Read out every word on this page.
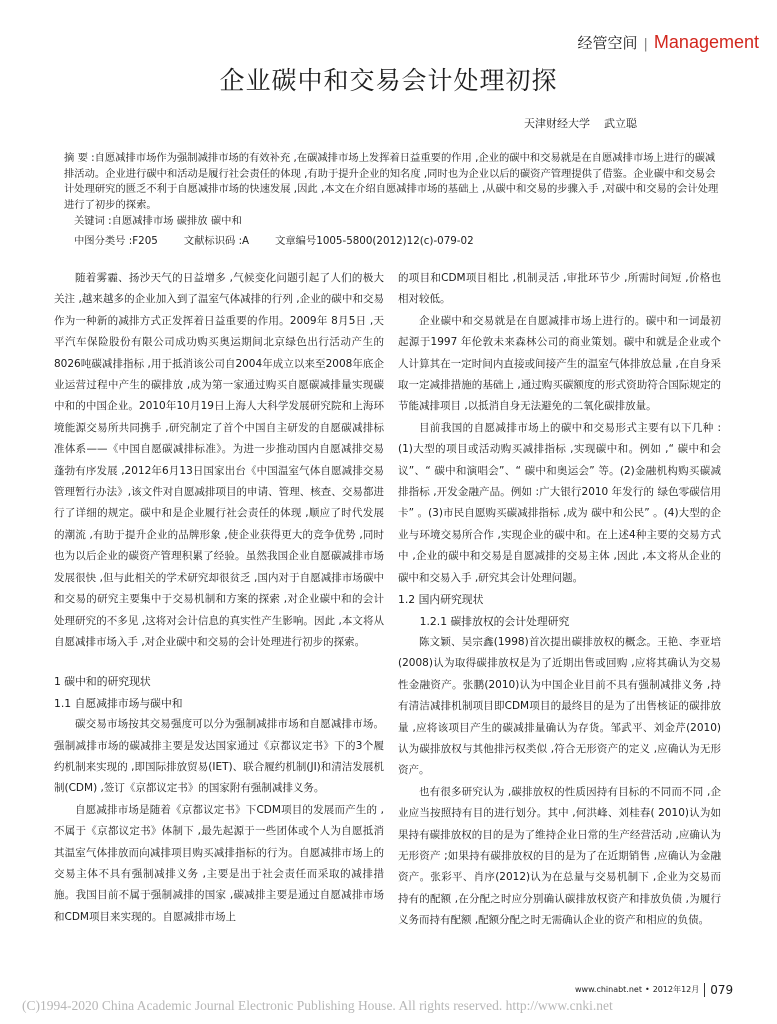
经管空间 | Management
企业碳中和交易会计处理初探
天津财经大学 武立聪

摘 要 :自愿减排市场作为强制减排市场的有效补充 ,在碳减排市场上发挥着日益重要的作用 ,企业的碳中和交易就是在自愿减排市场上进行的碳减排活动。企业进行碳中和活动是履行社会责任的体现 ,有助于提升企业的知名度 ,同时也为企业以后的碳资产管理提供了借鉴。企业碳中和交易会计处理研究的匮乏不利于自愿减排市场的快速发展 ,因此 ,本文在介绍自愿减排市场的基础上 ,从碳中和交易的步骤入手 ,对碳中和交易的会计处理进行了初步的探索。

关键词 :自愿减排市场 碳排放 碳中和
中图分类号 :F205	文献标识码 :A	文章编号1005-5800(2012)12(c)-079-02

随着雾霾、扬沙天气的日益增多 ,气候变化问题引起了人们的极大关注 ,越来越多的企业加入到了温室气体减排的行列 ,企业的碳中和交易作为一种新的减排方式正发挥着日益重要的作用。2009年 8月5日 ,天平汽车保险股份有限公司成功购买奥运期间北京绿色出行活动产生的8026吨碳减排指标 ,用于抵消该公司自2004年成立以来至2008年底企业运营过程中产生的碳排放 ,成为第一家通过购买自愿碳减排量实现碳中和的中国企业。2010年10月19日上海人大科学发展研究院和上海环境能源交易所共同携手 ,研究制定了首个中国自主研发的自愿碳减排标准体系——《中国自愿碳减排标准》。为进一步推动国内自愿减排交易蓬勃有序发展 ,2012年6月13日国家出台《中国温室气体自愿减排交易管理暂行办法》,该文件对自愿减排项目的申请、管理、核查、交易都进行了详细的规定。碳中和是企业履行社会责任的体现 ,顺应了时代发展的潮流 ,有助于提升企业的品牌形象 ,使企业获得更大的竞争优势 ,同时也为以后企业的碳资产管理积累了经验。虽然我国企业自愿碳减排市场发展很快 ,但与此相关的学术研究却很贫乏 ,国内对于自愿减排市场碳中和交易的研究主要集中于交易机制和方案的探索 ,对企业碳中和的会计处理研究的不多见 ,这将对会计信息的真实性产生影响。因此 ,本文将从自愿减排市场入手 ,对企业碳中和交易的会计处理进行初步的探索。

1 碳中和的研究现状
1.1 自愿减排市场与碳中和

碳交易市场按其交易强度可以分为强制减排市场和自愿减排市场。强制减排市场的碳减排主要是发达国家通过《京都议定书》下的3个履约机制来实现的 ,即国际排放贸易(IET)、联合履约机制(JI)和清洁发展机制(CDM) ,签订《京都议定书》的国家附有强制减排义务。

自愿减排市场是随着《京都议定书》下CDM项目的发展而产生的 ,不属于《京都议定书》体制下 ,最先起源于一些团体或个人为自愿抵消其温室气体排放而向减排项目购买减排指标的行为。自愿减排市场上的交易主体不具有强制减排义务 ,主要是出于社会责任而采取的减排措施。我国目前不属于强制减排的国家 ,碳减排主要是通过自愿减排市场和CDM项目来实现的。自愿减排市场上

的项目和CDM项目相比 ,机制灵活 ,审批环节少 ,所需时间短 ,价格也相对较低。

企业碳中和交易就是在自愿减排市场上进行的。碳中和一词最初起源于1997 年伦敦未来森林公司的商业策划。碳中和就是企业或个人计算其在一定时间内直接或间接产生的温室气体排放总量 ,在自身采取一定减排措施的基础上 ,通过购买碳额度的形式资助符合国际规定的节能减排项目 ,以抵消自身无法避免的二氧化碳排放量。

目前我国的自愿减排市场上的碳中和交易形式主要有以下几种 :(1)大型的项目或活动购买减排指标 ,实现碳中和。例如 ,“ 碳中和会议”、“ 碳中和演唱会”、“ 碳中和奥运会” 等。(2)金融机构购买碳减排指标 ,开发金融产品。例如 :广大银行2010 年发行的 绿色零碳信用卡” 。(3)市民自愿购买碳减排指标 ,成为 碳中和公民” 。(4)大型的企业与环境交易所合作 ,实现企业的碳中和。在上述4种主要的交易方式中 ,企业的碳中和交易是自愿减排的交易主体 ,因此 ,本文将从企业的碳中和交易入手 ,研究其会计处理问题。

1.2 国内研究现状
1.2.1 碳排放权的会计处理研究

陈文颖、吴宗鑫(1998)首次提出碳排放权的概念。王艳、李亚培(2008)认为取得碳排放权是为了近期出售或回购 ,应将其确认为交易性金融资产。张鹏(2010)认为中国企业目前不具有强制减排义务 ,持有清洁减排机制项目即CDM项目的最终目的是为了出售核证的碳排放量 ,应将该项目产生的碳减排量确认为存货。邹武平、刘金芹(2010)认为碳排放权与其他排污权类似 ,符合无形资产的定义 ,应确认为无形资产。

也有很多研究认为 ,碳排放权的性质因持有目标的不同而不同 ,企业应当按照持有目的进行划分。其中 ,何洪峰、刘桂春( 2010)认为如果持有碳排放权的目的是为了维持企业日常的生产经营活动 ,应确认为无形资产 ;如果持有碳排放权的目的是为了在近期销售 ,应确认为金融资产。张彩平、肖序(2012)认为在总量与交易机制下 ,企业为交易而持有的配额 ,在分配之时应分别确认碳排放权资产和排放负债 ,为履行义务而持有配额 ,配额分配之时无需确认企业的资产和相应的负债。

www.chinabt.net • 2012年12月 079
(C)1994-2020 China Academic Journal Electronic Publishing House. All rights reserved. http://www.cnki.net
